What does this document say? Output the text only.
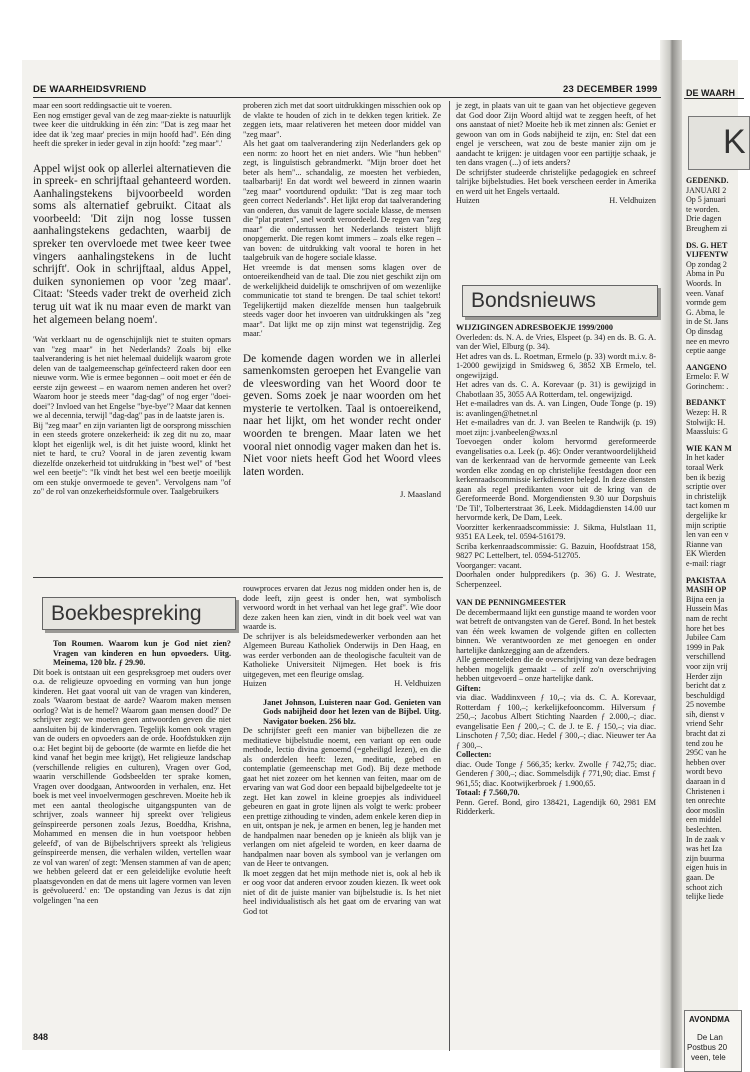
DE WAARHEIDSVRIEND	23 DECEMBER 1999

maar een soort reddingsactie uit te voeren.

Een nog ernstiger geval van de zeg maar-ziekte is natuurlijk twee keer die uitdrukking in één zin: "Dat is zeg maar het idee dat ik 'zeg maar' precies in mijn hoofd had". Eén ding heeft die spreker in ieder geval in zijn hoofd: "zeg maar".'

Appel wijst ook op allerlei alternatieven die in spreek- en schrijftaal gehanteerd worden. Aanhalingstekens bijvoorbeeld worden soms als alternatief gebruikt. Citaat als voorbeeld: 'Dit zijn nog losse tussen aanhalingstekens gedachten, waarbij de spreker ten overvloede met twee keer twee vingers aanhalingstekens in de lucht schrijft'. Ook in schrijftaal, aldus Appel, duiken synoniemen op voor 'zeg maar'. Citaat: 'Steeds vader trekt de overheid zich terug uit wat ik nu maar even de markt van het algemeen belang noem'.

'Wat verklaart nu de ogenschijnlijk niet te stuiten opmars van "zeg maar" in het Nederlands? Zoals bij elke taalverandering is het niet helemaal duidelijk waarom grote delen van de taalgemeenschap geïnfecteerd raken door een nieuwe vorm. Wie is ermee begonnen – ooit moet er één de eerste zijn geweest – en waarom nemen anderen het over? Waarom hoor je steeds meer "dag-dag" of nog erger "doei-doei"? Invloed van het Engelse "bye-bye"? Maar dat kennen we al decennia, terwijl "dag-dag" pas in de laatste jaren is.

Bij "zeg maar" en zijn varianten ligt de oorsprong misschien in een steeds grotere onzekerheid: ik zeg dit nu zo, maar klopt het eigenlijk wel, is dit het juiste woord, klinkt het niet te hard, te cru? Vooral in de jaren zeventig kwam diezelfde onzekerheid tot uitdrukking in "best wel" of "best wel een beetje": "Ik vindt het best wel een beetje moeilijk om een stukje onvermoede te geven". Vervolgens nam "of zo" de rol van onzekerheidsformule over. Taalgebruikers

proberen zich met dat soort uitdrukkingen misschien ook op de vlakte te houden of zich in te dekken tegen kritiek. Ze zeggen iets, maar relativeren het meteen door middel van "zeg maar".

Als het gaat om taalverandering zijn Nederlanders gek op een norm: zo hoort het en niet anders. Wie "hun hebben" zegt, is linguïstisch gebrandmerkt. "Mijn broer doet het beter als hem"... schandalig, ze moesten het verbieden, taalbarbarij! En dat wordt wel beweerd in zinnen waarin "zeg maar" voortdurend opduikt: "Dat is zeg maar toch geen correct Nederlands". Het lijkt erop dat taalverandering van onderen, dus vanuit de lagere sociale klasse, de mensen die "plat praten", snel wordt veroordeeld. De regen van "zeg maar" die ondertussen het Nederlands teistert blijft onopgemerkt. Die regen komt immers – zoals elke regen – van boven: de uitdrukking valt vooral te horen in het taalgebruik van de hogere sociale klasse.

Het vreemde is dat mensen soms klagen over de ontoereikendheid van de taal. Die zou niet geschikt zijn om de werkelijkheid duidelijk te omschrijven of om wezenlijke communicatie tot stand te brengen. De taal schiet tekort! Tegelijkertijd maken diezelfde mensen hun taalgebruik steeds vager door het invoeren van uitdrukkingen als "zeg maar". Dat lijkt me op zijn minst wat tegenstrijdig. Zeg maar.'

De komende dagen worden we in allerlei samenkomsten geroepen het Evangelie van de vleeswording van het Woord door te geven. Soms zoek je naar woorden om het mysterie te vertolken. Taal is ontoereikend, naar het lijkt, om het wonder recht onder woorden te brengen. Maar laten we het vooral niet onnodig vager maken dan het is. Niet voor niets heeft God het Woord vlees laten worden.

J. Maasland

je zegt, in plaats van uit te gaan van het objectieve gegeven dat God door Zijn Woord altijd wat te zeggen heeft, of het ons aanstaat of niet? Moeite heb ik met zinnen als: Geniet er gewoon van om in Gods nabijheid te zijn, en: Stel dat een engel je verscheen, wat zou de beste manier zijn om je aandacht te krijgen: je uitdagen voor een partijtje schaak, je ten dans vragen (...) of iets anders?

De schrijfster studeerde christelijke pedagogiek en schreef talrijke bijbelstudies. Het boek verscheen eerder in Amerika en werd uit het Engels vertaald.

Huizen	H. Veldhuizen
Bondsnieuws

WIJZIGINGEN ADRESBOEKJE 1999/2000

Overleden: ds. N. A. de Vries, Elspeet (p. 34) en ds. B. G. A. van der Wiel, Elburg (p. 34).
Het adres van ds. L. Roetman, Ermelo (p. 33) wordt m.i.v. 8-1-2000 gewijzigd in Smidsweg 6, 3852 XB Ermelo, tel. ongewijzigd.
Het adres van ds. C. A. Korevaar (p. 31) is gewijzigd in Chabotlaan 35, 3055 AA Rotterdam, tel. ongewijzigd.
Het e-mailadres van ds. A. van Lingen, Oude Tonge (p. 19) is: avanlingen@hetnet.nl
Het e-mailadres van dr. J. van Beelen te Randwijk (p. 19) moet zijn: j.vanbeelen@wxs.nl
Toevoegen onder kolom hervormd gereformeerde evangelisaties o.a. Leek (p. 46): Onder verantwoordelijkheid van de kerkenraad van de hervormde gemeente van Leek worden elke zondag en op christelijke feestdagen door een kerkenraadscommissie kerkdiensten belegd. In deze diensten gaan als regel predikanten voor uit de kring van de Gereformeerde Bond. Morgendiensten 9.30 uur Dorpshuis 'De Til', Tolberterstraat 36, Leek. Middagdiensten 14.00 uur hervormde kerk, De Dam, Leek.
Voorzitter kerkenraadscommissie: J. Sikma, Hulstlaan 11, 9351 EA Leek, tel. 0594-516179.
Scriba kerkenraadscommissie: G. Bazuin, Hoofdstraat 158, 9827 PC Lettelbert, tel. 0594-512705.
Voorganger: vacant.
Doorhalen onder hulppredikers (p. 36) G. J. Westrate, Scherpenzeel.

VAN DE PENNINGMEESTER

De decembermaand lijkt een gunstige maand te worden voor wat betreft de ontvangsten van de Geref. Bond. In het bestek van één week kwamen de volgende giften en collecten binnen. We verantwoorden ze met genoegen en onder hartelijke dankzegging aan de afzenders.
Alle gemeenteleden die de overschrijving van deze bedragen hebben mogelijk gemaakt – of zelf zo'n overschrijving hebben uitgevoerd – onze hartelijke dank.

Giften:

via diac. Waddinxveen ƒ 10,–; via ds. C. A. Korevaar, Rotterdam ƒ 100,–; kerkelijkefooncomm. Hilversum ƒ 250,–; Jacobus Albert Stichting Naarden ƒ 2.000,–; diac. evangelisatie Een ƒ 200,–; C. de J. te E. ƒ 150,–; via diac. Linschoten ƒ 7,50; diac. Hedel ƒ 300,–; diac. Nieuwer ter Aa ƒ 300,–.

Collecten:

diac. Oude Tonge ƒ 566,35; kerkv. Zwolle ƒ 742,75; diac. Genderen ƒ 300,–; diac. Sommelsdijk ƒ 771,90; diac. Emst ƒ 961,55; diac. Kootwijkerbroek ƒ 1.900,65.

Totaal: ƒ 7.560,70.

Penn. Geref. Bond, giro 138421, Lagendijk 60, 2981 EM Ridderkerk.

Boekbespreking

Ton Roumen. Waarom kun je God niet zien? Vragen van kinderen en hun opvoeders. Uitg. Meinema, 120 blz. ƒ 29.90.

Dit boek is ontstaan uit een gespreksgroep met ouders over o.a. de religieuze opvoeding en vorming van hun jonge kinderen. Het gaat vooral uit van de vragen van kinderen, zoals 'Waarom bestaat de aarde? Waarom maken mensen oorlog? Wat is de hemel? Waarom gaan mensen dood?' De schrijver zegt: we moeten geen antwoorden geven die niet aansluiten bij de kindervragen. Tegelijk komen ook vragen van de ouders en opvoeders aan de orde. Hoofdstukken zijn o.a: Het begint bij de geboorte (de warmte en liefde die het kind vanaf het begin mee krijgt), Het religieuze landschap (verschillende religies en culturen), Vragen over God, waarin verschillende Godsbeelden ter sprake komen, Vragen over doodgaan, Antwoorden in verhalen, enz. Het boek is met veel invoelvermogen geschreven. Moeite heb ik met een aantal theologische uitgangspunten van de schrijver, zoals wanneer hij spreekt over 'religieus geïnspireerde personen zoals Jezus, Boeddha, Krishna, Mohammed en mensen die in hun voetspoor hebben geleefd', of van de Bijbelschrijvers spreekt als 'religieus geïnspireerde mensen, die verhalen wilden, vertellen waar ze vol van waren' of zegt: 'Mensen stammen af van de apen; we hebben geleerd dat er een geleidelijke evolutie heeft plaatsgevonden en dat de mens uit lagere vormen van leven is geëvolueerd.' en: 'De opstanding van Jezus is dat zijn volgelingen "na een

rouwproces ervaren dat Jezus nog midden onder hen is, de dode leeft, zijn geest is onder hen, wat symbolisch verwoord wordt in het verhaal van het lege graf". Wie door deze zaken heen kan zien, vindt in dit boek veel wat van waarde is.
De schrijver is als beleidsmedewerker verbonden aan het Algemeen Bureau Katholiek Onderwijs in Den Haag, en was eerder verbonden aan de theologische faculteit van de Katholieke Universiteit Nijmegen. Het boek is fris uitgegeven, met een fleurige omslag.

Huizen	H. Veldhuizen

Janet Johnson, Luisteren naar God. Genieten van Gods nabijheid door het lezen van de Bijbel. Uitg. Navigator boeken. 256 blz.

De schrijfster geeft een manier van bijbellezen die ze meditatieve bijbelstudie noemt, een variant op een oude methode, lectio divina genoemd (=geheiligd lezen), en die als onderdelen heeft: lezen, meditatie, gebed en contemplatie (gemeenschap met God). Bij deze methode gaat het niet zozeer om het kennen van feiten, maar om de ervaring van wat God door een bepaald bijbelgedeelte tot je zegt. Het kan zowel in kleine groepjes als individueel gebeuren en gaat in grote lijnen als volgt te werk: probeer een prettige zithouding te vinden, adem enkele keren diep in en uit, ontspan je nek, je armen en benen, leg je handen met de handpalmen naar beneden op je knieën als blijk van je verlangen om niet afgeleid te worden, en keer daarna de handpalmen naar boven als symbool van je verlangen om van de Heer te ontvangen.
Ik moet zeggen dat het mijn methode niet is, ook al heb ik er oog voor dat anderen ervoor zouden kiezen. Ik weet ook niet of dit de juiste manier van bijbelstudie is. Is het niet heel individualistisch als het gaat om de ervaring van wat God tot

848
DE WAARH
K
GEDENKD.
JANUARI 2
Op 5 januari
te worden.
Drie dagen
Breughem zi

DS. G. HET
VIJFENTW
Op zondag 2
Abma in Pu
Woords. In
veen. Vanaf
vormde gem
G. Abma, le
in de St. Jans
Op dinsdag
nee en mevro
ceptie aange

AANGENO
Ermelo: F. W
Gorinchem: .

BEDANKT
Wezep: H. R
Stolwijk: H.
Maassluis: G

WIE KAN M
In het kader
toraal Werk
ben ik bezig
scriptie over
in christelijk
tact komen m
dergelijke kr
mijn scriptie
len van een v
Rianne van
EK Wierden
e-mail: riagr

PAKISTAA
MASIH OP
Bijna een ja
Hussein Mas
nam de recht
hore het bes
Jubilee Cam
1999 in Pak
verschillend
voor zijn vrij
Herder zijn
bericht dat z
beschuldigd
25 novembe
sih, dienst v
vriend Sehr
bracht dat zi
tend zou he
295C van he
hebben over
wordt bevo
daaraan in d
Christenen i
ten onrechte
door moslin
een middel
beslechten.
In de zaak v
was het Iza
zijn buurma
eigen huis in
gaan. De
schoot zich
telijke liede
AVONDMA
De Lan
Postbus 20
veen, tele
